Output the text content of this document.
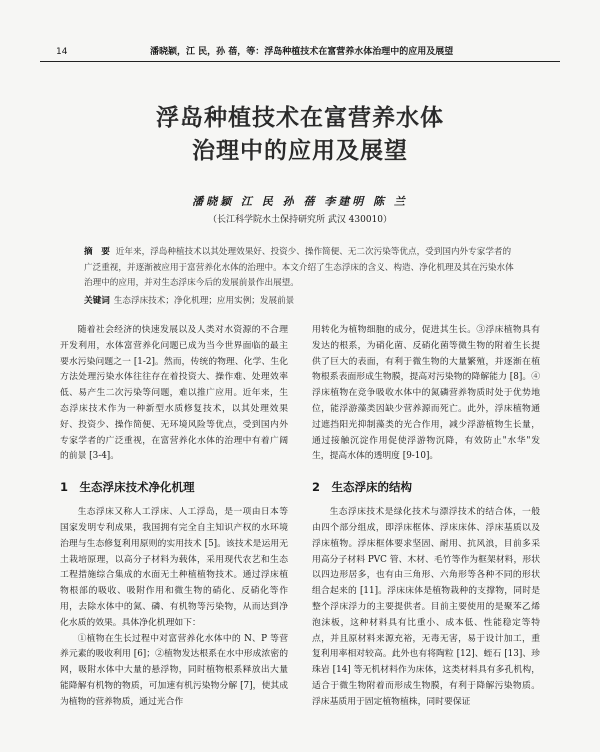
14	潘晓颖，江 民，孙 蓓，等：浮岛种植技术在富营养水体治理中的应用及展望
浮岛种植技术在富营养水体
治理中的应用及展望
潘晓颖 江 民 孙 蓓 李建明 陈 兰
（长江科学院水土保持研究所 武汉 430010）
摘　要 近年来，浮岛种植技术以其处理效果好、投资少、操作简便、无二次污染等优点，受到国内外专家学者的广泛重视，并逐渐被应用于富营养化水体的治理中。本文介绍了生态浮床的含义、构造、净化机理及其在污染水体治理中的应用，并对生态浮床今后的发展前景作出展望。
关键词 生态浮床技术；净化机理；应用实例；发展前景

随着社会经济的快速发展以及人类对水资源的不合理开发利用，水体富营养化问题已成为当今世界面临的最主要水污染问题之一 [1-2]。然而，传统的物理、化学、生化方法处理污染水体往往存在着投资大、操作难、处理效率低、易产生二次污染等问题，难以推广应用。近年来，生态浮床技术作为一种新型水质修复技术，以其处理效果好、投资少、操作简便、无环境风险等优点，受到国内外专家学者的广泛重视，在富营养化水体的治理中有着广阔的前景 [3-4]。

1　生态浮床技术净化机理

生态浮床又称人工浮床、人工浮岛，是一项由日本等国家发明专利成果，我国拥有完全自主知识产权的水环境治理与生态修复利用原则的实用技术 [5]。该技术是运用无土栽培原理，以高分子材料为载体，采用现代农艺和生态工程措施综合集成的水面无土种植植物技术。通过浮床植物根部的吸收、吸附作用和微生物的硝化、反硝化等作用，去除水体中的氮、磷、有机物等污染物，从而达到净化水质的效果。具体净化机理如下：

①植物在生长过程中对富营养化水体中的 N、P 等营养元素的吸收利用 [6]；②植物发达根系在水中形成浓密的网，吸附水体中大量的悬浮物，同时植物根系释放出大量能降解有机物的物质，可加速有机污染物分解 [7]，使其成为植物的营养物质，通过光合作

用转化为植物细胞的成分，促进其生长。③浮床植物具有发达的根系，为硝化菌、反硝化菌等微生物的附着生长提供了巨大的表面，有利于微生物的大量繁殖，并逐渐在植物根系表面形成生物膜，提高对污染物的降解能力 [8]。④浮床植物在竞争吸收水体中的氮磷营养物质时处于优势地位，能浮游藻类因缺少营养源而死亡。此外，浮床植物通过遮挡阳光抑制藻类的光合作用，减少浮游植物生长量，通过接触沉淀作用促使浮游物沉降，有效防止"水华"发生，提高水体的透明度 [9-10]。

2　生态浮床的结构

生态浮床技术是绿化技术与漂浮技术的结合体，一般由四个部分组成，即浮床框体、浮床床体、浮床基质以及浮床植物。浮床框体要求坚固、耐用、抗风浪，目前多采用高分子材料 PVC 管、木材、毛竹等作为框架材料，形状以四边形居多，也有由三角形、六角形等各种不同的形状组合起来的 [11]。浮床床体是植物栽种的支撑物，同时是整个浮床浮力的主要提供者。目前主要使用的是聚苯乙烯泡沫板，这种材料具有比重小、成本低、性能稳定等特点，并且原材料来源充裕，无毒无害，易于设计加工，重复利用率相对较高。此外也有将陶粒 [12]、蛭石 [13]、珍珠岩 [14] 等无机材料作为床体，这类材料具有多孔机构，适合于微生物附着而形成生物膜，有利于降解污染物质。浮床基质用于固定植物植株，同时要保证
